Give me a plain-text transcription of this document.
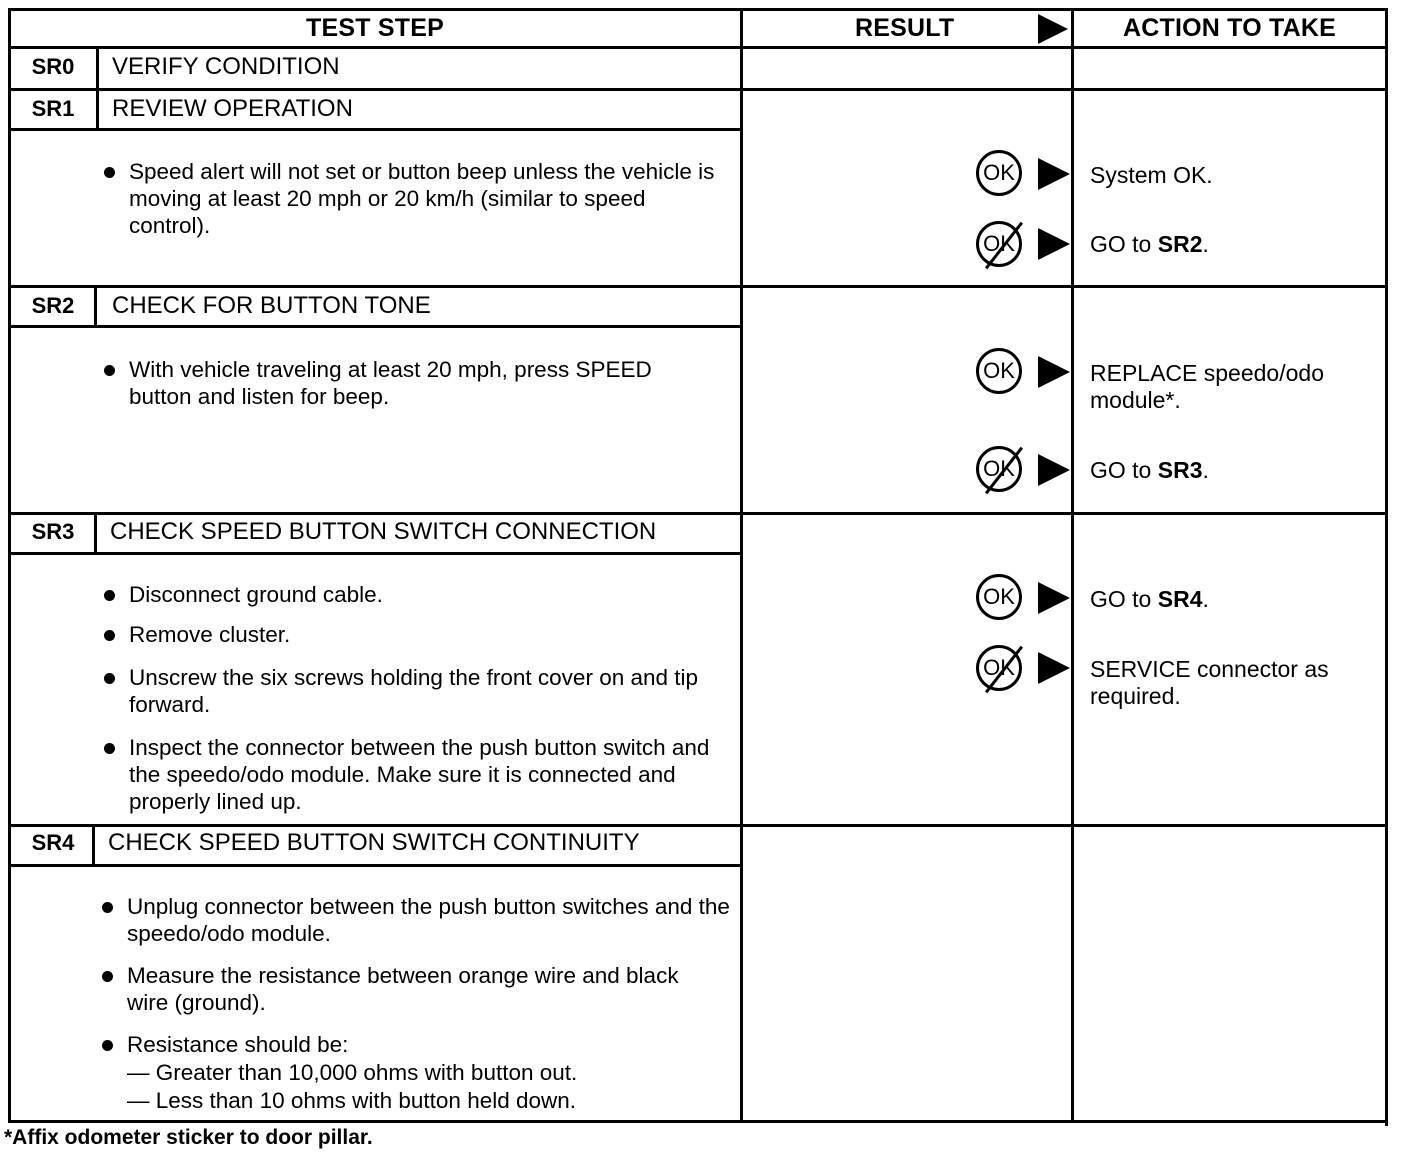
TEST STEP	RESULT	ACTION TO TAKE
SR0	VERIFY CONDITION
SR1	REVIEW OPERATION
Speed alert will not set or button beep unless the vehicle is moving at least 20 mph or 20 km/h (similar to speed control).
OK	System OK.
OK	GO to SR2.
SR2	CHECK FOR BUTTON TONE
With vehicle traveling at least 20 mph, press SPEED button and listen for beep.
OK	REPLACE speedo/odo module*.
OK	GO to SR3.
SR3	CHECK SPEED BUTTON SWITCH CONNECTION
Disconnect ground cable.
Remove cluster.
Unscrew the six screws holding the front cover on and tip forward.
Inspect the connector between the push button switch and the speedo/odo module. Make sure it is connected and properly lined up.
OK	GO to SR4.
OK	SERVICE connector as required.
SR4	CHECK SPEED BUTTON SWITCH CONTINUITY
Unplug connector between the push button switches and the speedo/odo module.
Measure the resistance between orange wire and black wire (ground).
Resistance should be:
— Greater than 10,000 ohms with button out.
— Less than 10 ohms with button held down.
*Affix odometer sticker to door pillar.
